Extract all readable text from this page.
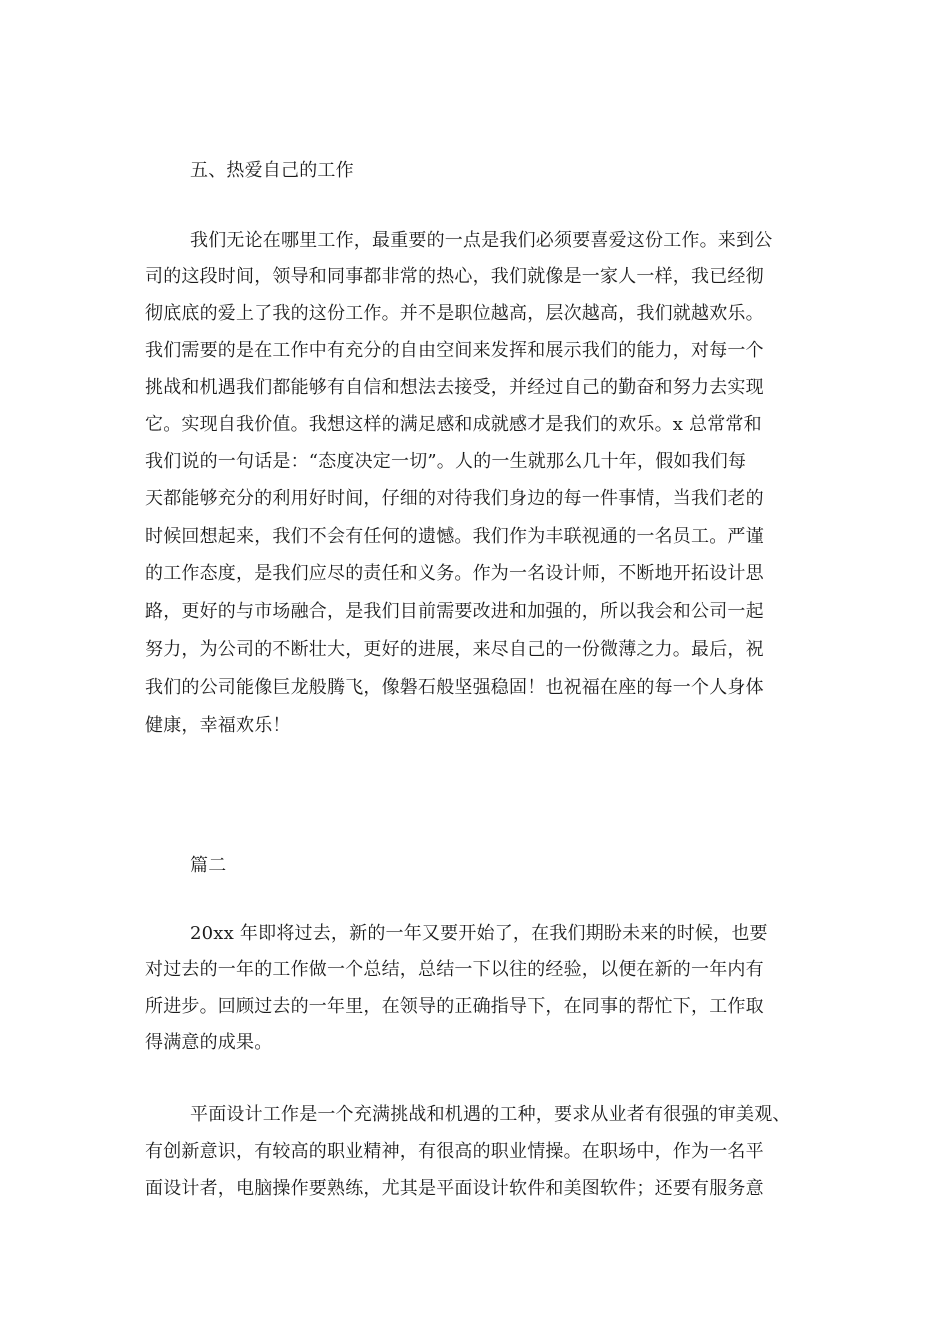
五、热爱自己的工作
我们无论在哪里工作，最重要的一点是我们必须要喜爱这份工作。来到公
司的这段时间，领导和同事都非常的热心，我们就像是一家人一样，我已经彻
彻底底的爱上了我的这份工作。并不是职位越高，层次越高，我们就越欢乐。
我们需要的是在工作中有充分的自由空间来发挥和展示我们的能力，对每一个
挑战和机遇我们都能够有自信和想法去接受，并经过自己的勤奋和努力去实现
它。实现自我价值。我想这样的满足感和成就感才是我们的欢乐。x 总常常和
我们说的一句话是：“态度决定一切”。人的一生就那么几十年，假如我们每
天都能够充分的利用好时间，仔细的对待我们身边的每一件事情，当我们老的
时候回想起来，我们不会有任何的遗憾。我们作为丰联视通的一名员工。严谨
的工作态度，是我们应尽的责任和义务。作为一名设计师，不断地开拓设计思
路，更好的与市场融合，是我们目前需要改进和加强的，所以我会和公司一起
努力，为公司的不断壮大，更好的进展，来尽自己的一份微薄之力。最后，祝
我们的公司能像巨龙般腾飞，像磐石般坚强稳固！也祝福在座的每一个人身体
健康，幸福欢乐！
篇二
20xx 年即将过去，新的一年又要开始了，在我们期盼未来的时候，也要
对过去的一年的工作做一个总结，总结一下以往的经验，以便在新的一年内有
所进步。回顾过去的一年里，在领导的正确指导下，在同事的帮忙下，工作取
得满意的成果。
平面设计工作是一个充满挑战和机遇的工种，要求从业者有很强的审美观、
有创新意识，有较高的职业精神，有很高的职业情操。在职场中，作为一名平
面设计者，电脑操作要熟练，尤其是平面设计软件和美图软件；还要有服务意
